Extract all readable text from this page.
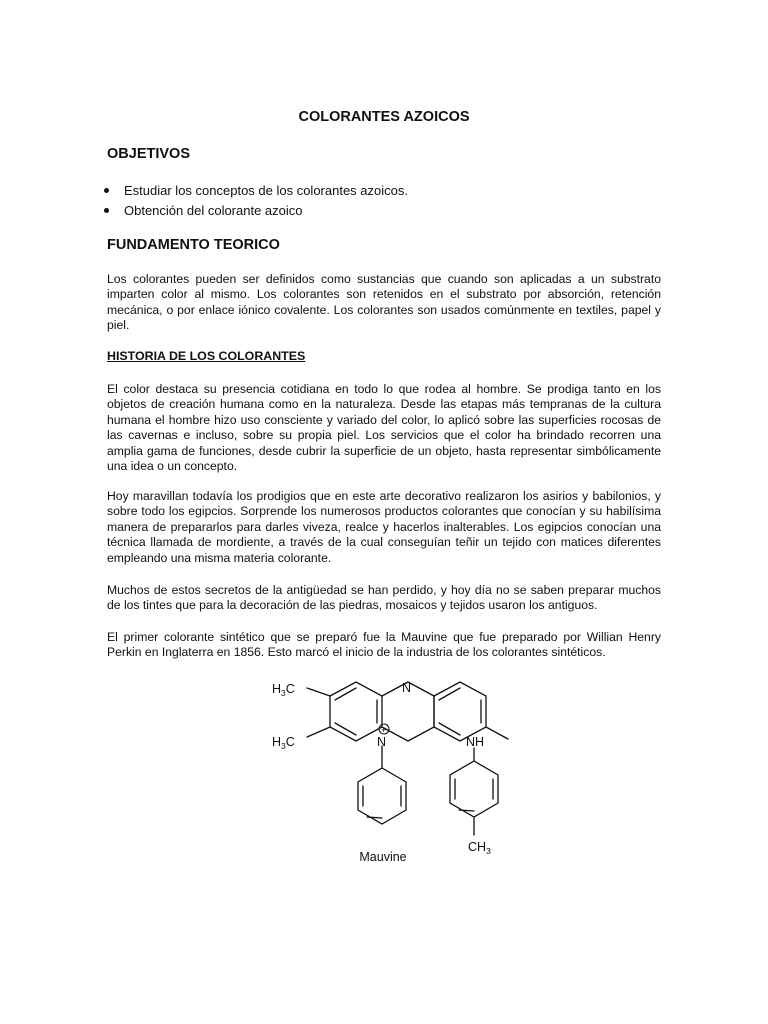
COLORANTES AZOICOS
OBJETIVOS
Estudiar los conceptos de los colorantes azoicos.
Obtención del colorante azoico
FUNDAMENTO TEORICO

Los colorantes pueden ser definidos como sustancias que cuando son aplicadas a un substrato imparten color al mismo. Los colorantes son retenidos en el substrato por absorción, retención mecánica, o por enlace iónico covalente. Los colorantes son usados comúnmente en textiles, papel y piel.

HISTORIA DE LOS COLORANTES

El color destaca su presencia cotidiana en todo lo que rodea al hombre. Se prodiga tanto en los objetos de creación humana como en la naturaleza. Desde las etapas más tempranas de la cultura humana el hombre hizo uso consciente y variado del color, lo aplicó sobre las superficies rocosas de las cavernas e incluso, sobre su propia piel. Los servicios que el color ha brindado recorren una amplia gama de funciones, desde cubrir la superficie de un objeto, hasta representar simbólicamente una idea o un concepto.

Hoy maravillan todavía los prodigios que en este arte decorativo realizaron los asirios y babilonios, y sobre todo los egipcios. Sorprende los numerosos productos colorantes que conocían y su habilísima manera de prepararlos para darles viveza, realce y hacerlos inalterables. Los egipcios conocían una técnica llamada de mordiente, a través de la cual conseguían teñir un tejido con matices diferentes empleando una misma materia colorante.

Muchos de estos secretos de la antigüedad se han perdido, y hoy día no se saben preparar muchos de los tintes que para la decoración de las piedras, mosaicos y tejidos usaron los antiguos.

El primer colorante sintético que se preparó fue la Mauvine que fue preparado por Willian Henry Perkin en Inglaterra en 1856. Esto marcó el inicio de la industria de los colorantes sintéticos.

$H_3C$
$H_3C$
N
N
+
NH
$CH_3$
Mauvine
